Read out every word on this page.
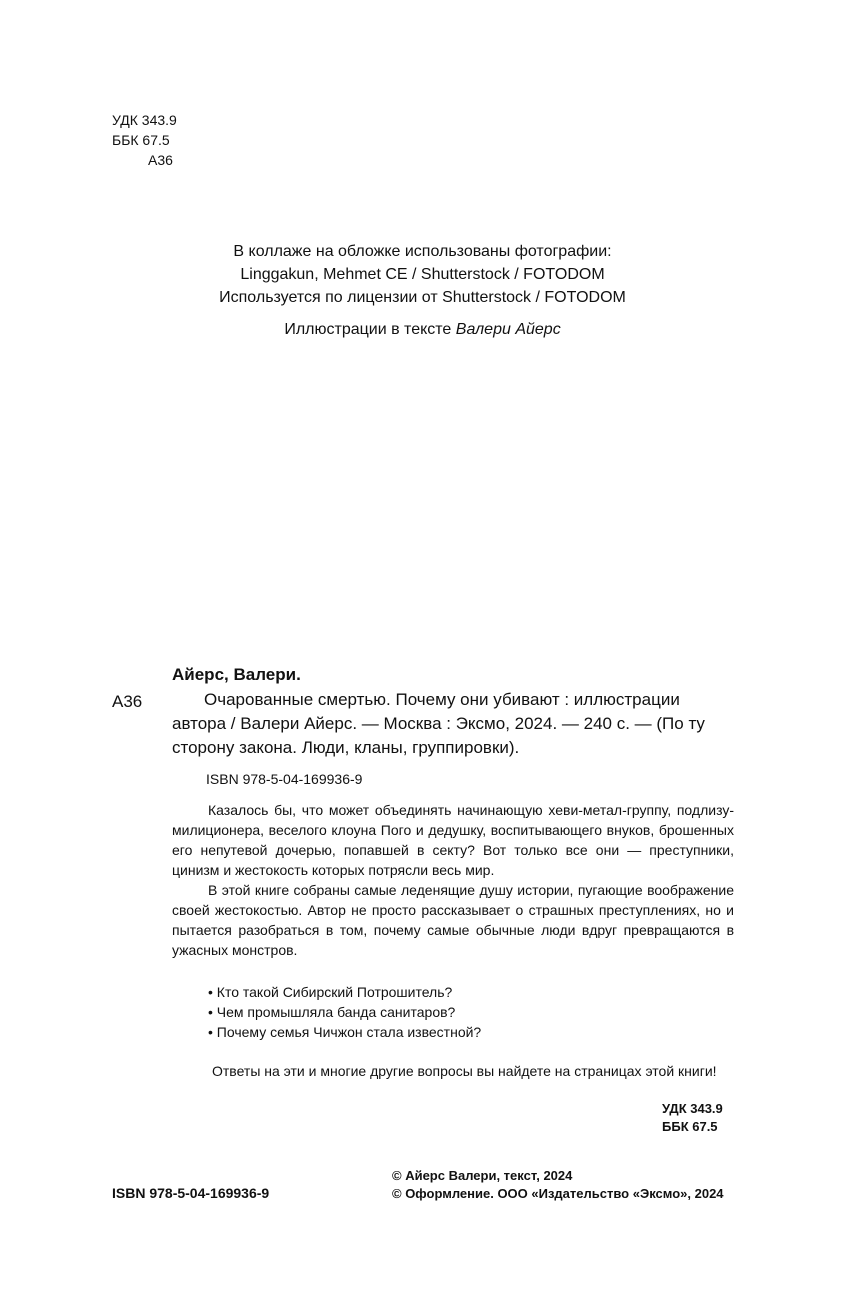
УДК 343.9
ББК 67.5
А36
В коллаже на обложке использованы фотографии:
Linggakun, Mehmet CE / Shutterstock / FOTODOM
Используется по лицензии от Shutterstock / FOTODOM
Иллюстрации в тексте Валери Айерс
Айерс, Валери.
А36	Очарованные смертью. Почему они убивают : иллюстрации автора / Валери Айерс. — Москва : Эксмо, 2024. — 240 с. — (По ту сторону закона. Люди, кланы, группировки).
ISBN 978-5-04-169936-9

Казалось бы, что может объединять начинающую хеви-метал-группу, подлизу-милиционера, веселого клоуна Пого и дедушку, воспитывающего внуков, брошенных его непутевой дочерью, попавшей в секту? Вот только все они — преступники, цинизм и жестокость которых потрясли весь мир.

В этой книге собраны самые леденящие душу истории, пугающие воображение своей жестокостью. Автор не просто рассказывает о страшных преступлениях, но и пытается разобраться в том, почему самые обычные люди вдруг превращаются в ужасных монстров.

• Кто такой Сибирский Потрошитель?
• Чем промышляла банда санитаров?
• Почему семья Чичжон стала известной?
Ответы на эти и многие другие вопросы вы найдете на страницах этой книги!
УДК 343.9
ББК 67.5
ISBN 978-5-04-169936-9
© Айерс Валери, текст, 2024
© Оформление. ООО «Издательство «Эксмо», 2024
